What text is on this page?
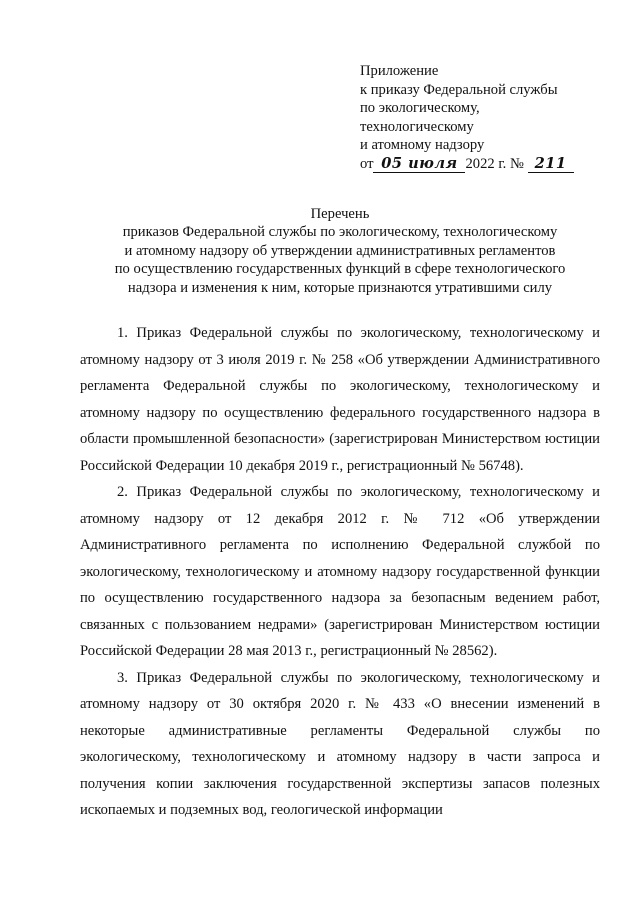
Приложение
к приказу Федеральной службы
по экологическому,
технологическому
и атомному надзору
от 05 июля 2022 г. № 211
Перечень
приказов Федеральной службы по экологическому, технологическому
и атомному надзору об утверждении административных регламентов
по осуществлению государственных функций в сфере технологического
надзора и изменения к ним, которые признаются утратившими силу

1. Приказ Федеральной службы по экологическому, технологическому и атомному надзору от 3 июля 2019 г. № 258 «Об утверждении Административного регламента Федеральной службы по экологическому, технологическому и атомному надзору по осуществлению федерального государственного надзора в области промышленной безопасности» (зарегистрирован Министерством юстиции Российской Федерации 10 декабря 2019 г., регистрационный № 56748).

2. Приказ Федеральной службы по экологическому, технологическому и атомному надзору от 12 декабря 2012 г. № 712 «Об утверждении Административного регламента по исполнению Федеральной службой по экологическому, технологическому и атомному надзору государственной функции по осуществлению государственного надзора за безопасным ведением работ, связанных с пользованием недрами» (зарегистрирован Министерством юстиции Российской Федерации 28 мая 2013 г., регистрационный № 28562).

3. Приказ Федеральной службы по экологическому, технологическому и атомному надзору от 30 октября 2020 г. № 433 «О внесении изменений в некоторые административные регламенты Федеральной службы по экологическому, технологическому и атомному надзору в части запроса и получения копии заключения государственной экспертизы запасов полезных ископаемых и подземных вод, геологической информации
